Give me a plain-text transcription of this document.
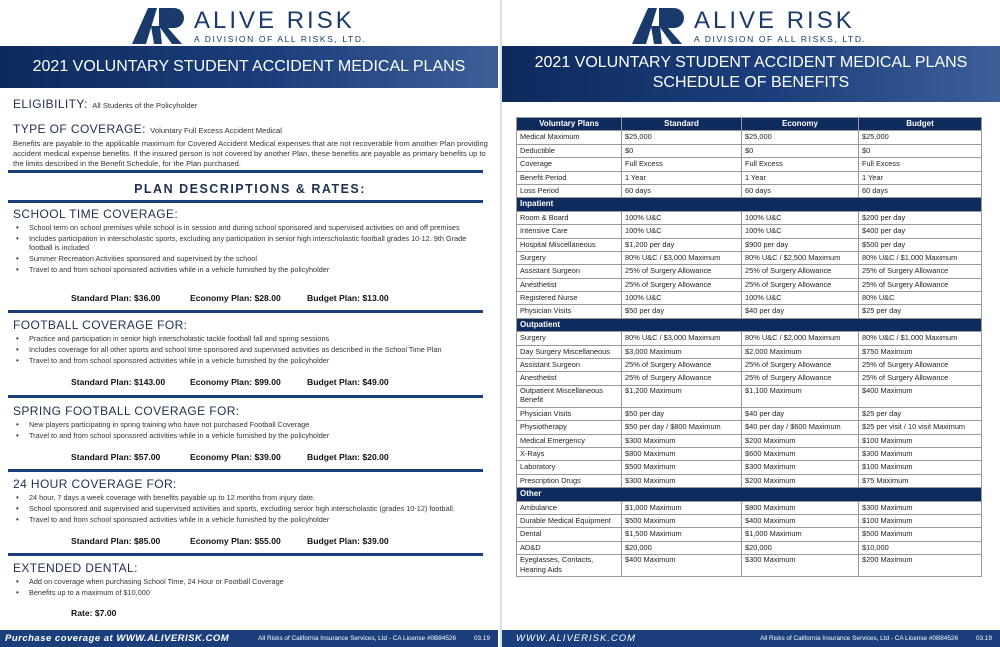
ALIVE RISK
A DIVISION OF ALL RISKS, LTD.
2021 VOLUNTARY STUDENT ACCIDENT MEDICAL PLANS
ELIGIBILITY: All Students of the Policyholder
TYPE OF COVERAGE: Voluntary Full Excess Accident Medical
Benefits are payable to the applicable maximum for Covered Accident Medical expenses that are not recoverable from another Plan providing accident medical expense benefits. If the insured person is not covered by another Plan, these benefits are payable as primary benefits up to the limits described in the Benefit Schedule, for the Plan purchased.
PLAN DESCRIPTIONS & RATES:
SCHOOL TIME COVERAGE:
• School term on school premises while school is in session and during school sponsored and supervised activities on and off premises
• Includes participation in interscholastic sports, excluding any participation in senior high interscholastic football grades 10-12. 9th Grade football is included
• Summer Recreation Activities sponsored and supervised by the school
• Travel to and from school sponsored activities while in a vehicle furnished by the policyholder
Standard Plan: $36.00	Economy Plan: $28.00	Budget Plan: $13.00
FOOTBALL COVERAGE FOR:
• Practice and participation in senior high interscholastic tackle football fall and spring sessions
• Includes coverage for all other sports and school time sponsored and supervised activities as described in the School Time Plan
• Travel to and from school sponsored activities while in a vehicle furnished by the policyholder
Standard Plan: $143.00	Economy Plan: $99.00	Budget Plan: $49.00
SPRING FOOTBALL COVERAGE FOR:
• New players participating in spring training who have not purchased Football Coverage
• Travel to and from school sponsored activities while in a vehicle furnished by the policyholder
Standard Plan: $57.00	Economy Plan: $39.00	Budget Plan: $20.00
24 HOUR COVERAGE FOR:
• 24 hour, 7 days a week coverage with benefits payable up to 12 months from injury date.
• School sponsored and supervised and supervised activities and sports, excluding senior high interscholastic (grades 10-12) football.
• Travel to and from school sponsored activities while in a vehicle furnished by the policyholder
Standard Plan: $85.00	Economy Plan: $55.00	Budget Plan: $39.00
EXTENDED DENTAL:
• Add on coverage when purchasing School Time, 24 Hour or Football Coverage
• Benefits up to a maximum of $10,000
Rate: $7.00
Purchase coverage at WWW.ALIVERISK.COM	All Risks of California Insurance Services, Ltd - CA License #0B84526	03.19
ALIVE RISK
A DIVISION OF ALL RISKS, LTD.
2021 VOLUNTARY STUDENT ACCIDENT MEDICAL PLANS
SCHEDULE OF BENEFITS
Voluntary Plans	Standard	Economy	Budget
Medical Maximum	$25,000	$25,000	$25,000
Deductible	$0	$0	$0
Coverage	Full Excess	Full Excess	Full Excess
Benefit Period	1 Year	1 Year	1 Year
Loss Period	60 days	60 days	60 days
Inpatient			
Room & Board	100% U&C	100% U&C	$200 per day
Intensive Care	100% U&C	100% U&C	$400 per day
Hospital Miscellaneous	$1,200 per day	$900 per day	$500 per day
Surgery	80% U&C / $3,000 Maximum	80% U&C / $2,500 Maximum	80% U&C / $1,000 Maximum
Assistant Surgeon	25% of Surgery Allowance	25% of Surgery Allowance	25% of Surgery Allowance
Anesthetist	25% of Surgery Allowance	25% of Surgery Allowance	25% of Surgery Allowance
Registered Nurse	100% U&C	100% U&C	80% U&C
Physician Visits	$50 per day	$40 per day	$25 per day
Outpatient			
Surgery	80% U&C / $3,000 Maximum	80% U&C / $2,000 Maximum	80% U&C / $1,000 Maximum
Day Surgery Miscellaneous	$3,000 Maximum	$2,000 Maximum	$750 Maximum
Assistant Surgeon	25% of Surgery Allowance	25% of Surgery Allowance	25% of Surgery Allowance
Anesthetist	25% of Surgery Allowance	25% of Surgery Allowance	25% of Surgery Allowance
Outpatient Miscellaneous Benefit	$1,200 Maximum	$1,100 Maximum	$400 Maximum
Physician Visits	$50 per day	$40 per day	$25 per day
Physiotherapy	$50 per day / $800 Maximum	$40 per day / $600 Maximum	$25 per visit / 10 visit Maximum
Medical Emergency	$300 Maximum	$200 Maximum	$100 Maximum
X-Rays	$800 Maximum	$600 Maximum	$300 Maximum
Laboratory	$500 Maximum	$300 Maximum	$100 Maximum
Prescription Drugs	$300 Maximum	$200 Maximum	$75 Maximum
Other			
Ambulance	$1,000 Maximum	$800 Maximum	$300 Maximum
Durable Medical Equipment	$500 Maximum	$400 Maximum	$100 Maximum
Dental	$1,500 Maximum	$1,000 Maximum	$500 Maximum
AD&D	$20,000	$20,000	$10,000
Eyeglasses, Contacts, Hearing Aids	$400 Maximum	$300 Maximum	$200 Maximum
WWW.ALIVERISK.COM	All Risks of California Insurance Services, Ltd - CA License #0B84526	03.19
